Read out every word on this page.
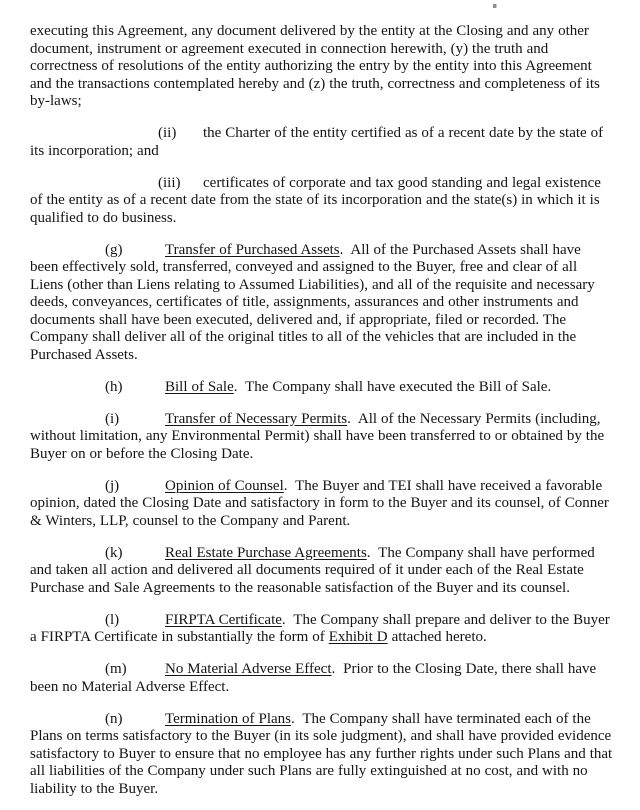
executing this Agreement, any document delivered by the entity at the Closing and any other document, instrument or agreement executed in connection herewith, (y) the truth and correctness of resolutions of the entity authorizing the entry by the entity into this Agreement and the transactions contemplated hereby and (z) the truth, correctness and completeness of its by-laws;

(ii) the Charter of the entity certified as of a recent date by the state of its incorporation; and

(iii) certificates of corporate and tax good standing and legal existence of the entity as of a recent date from the state of its incorporation and the state(s) in which it is qualified to do business.

(g)	Transfer of Purchased Assets.  All of the Purchased Assets shall have been effectively sold, transferred, conveyed and assigned to the Buyer, free and clear of all Liens (other than Liens relating to Assumed Liabilities), and all of the requisite and necessary deeds, conveyances, certificates of title, assignments, assurances and other instruments and documents shall have been executed, delivered and, if appropriate, filed or recorded. The Company shall deliver all of the original titles to all of the vehicles that are included in the Purchased Assets.

(h)	Bill of Sale.  The Company shall have executed the Bill of Sale.

(i)	Transfer of Necessary Permits.  All of the Necessary Permits (including, without limitation, any Environmental Permit) shall have been transferred to or obtained by the Buyer on or before the Closing Date.

(j)	Opinion of Counsel.  The Buyer and TEI shall have received a favorable opinion, dated the Closing Date and satisfactory in form to the Buyer and its counsel, of Conner & Winters, LLP, counsel to the Company and Parent.

(k)	Real Estate Purchase Agreements.  The Company shall have performed and taken all action and delivered all documents required of it under each of the Real Estate Purchase and Sale Agreements to the reasonable satisfaction of the Buyer and its counsel.

(l)	FIRPTA Certificate.  The Company shall prepare and deliver to the Buyer a FIRPTA Certificate in substantially the form of Exhibit D attached hereto.

(m)	No Material Adverse Effect.  Prior to the Closing Date, there shall have been no Material Adverse Effect.

(n)	Termination of Plans.  The Company shall have terminated each of the Plans on terms satisfactory to the Buyer (in its sole judgment), and shall have provided evidence satisfactory to Buyer to ensure that no employee has any further rights under such Plans and that all liabilities of the Company under such Plans are fully extinguished at no cost, and with no liability to the Buyer.
